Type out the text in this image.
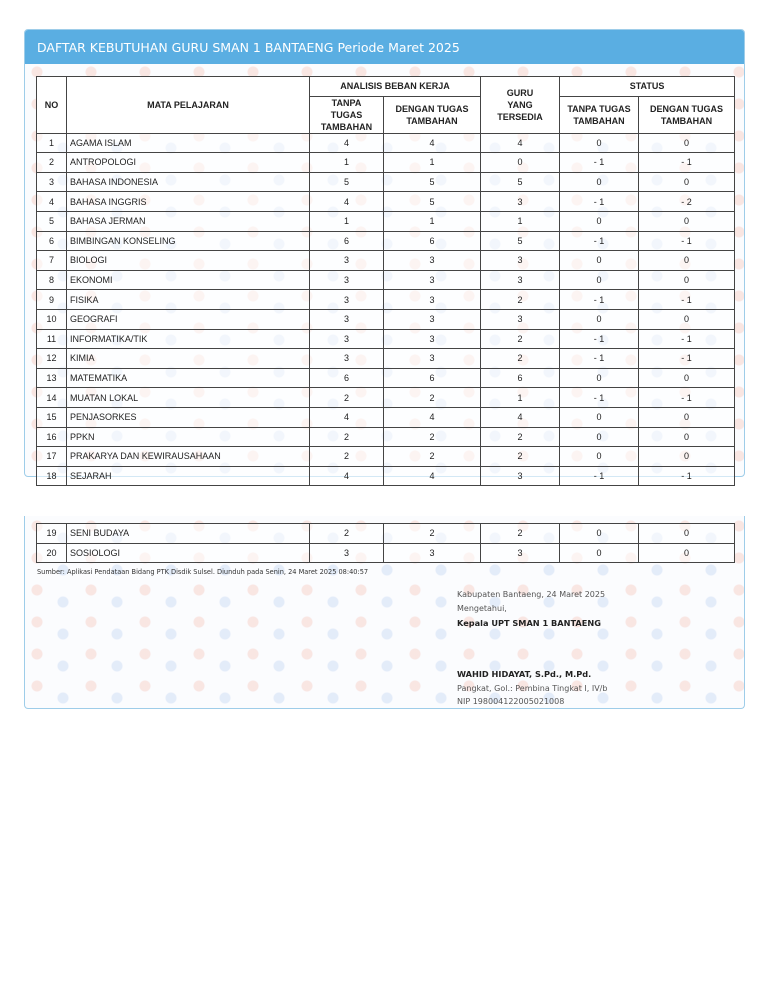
DAFTAR KEBUTUHAN GURU SMAN 1 BANTAENG Periode Maret 2025
NO	MATA PELAJARAN	ANALISIS BEBAN KERJA		GURU YANG TERSEDIA	STATUS	
		TANPA TUGAS TAMBAHAN	DENGAN TUGAS TAMBAHAN		TANPA TUGAS TAMBAHAN	DENGAN TUGAS TAMBAHAN
1	AGAMA ISLAM	4	4	4	0	0
2	ANTROPOLOGI	1	1	0	- 1	- 1
3	BAHASA INDONESIA	5	5	5	0	0
4	BAHASA INGGRIS	4	5	3	- 1	- 2
5	BAHASA JERMAN	1	1	1	0	0
6	BIMBINGAN KONSELING	6	6	5	- 1	- 1
7	BIOLOGI	3	3	3	0	0
8	EKONOMI	3	3	3	0	0
9	FISIKA	3	3	2	- 1	- 1
10	GEOGRAFI	3	3	3	0	0
11	INFORMATIKA/TIK	3	3	2	- 1	- 1
12	KIMIA	3	3	2	- 1	- 1
13	MATEMATIKA	6	6	6	0	0
14	MUATAN LOKAL	2	2	1	- 1	- 1
15	PENJASORKES	4	4	4	0	0
16	PPKN	2	2	2	0	0
17	PRAKARYA DAN KEWIRAUSAHAAN	2	2	2	0	0
18	SEJARAH	4	4	3	- 1	- 1
19	SENI BUDAYA	2	2	2	0	0
20	SOSIOLOGI	3	3	3	0	0
Sumber: Aplikasi Pendataan Bidang PTK Disdik Sulsel. Diunduh pada Senin, 24 Maret 2025 08:40:57
Kabupaten Bantaeng, 24 Maret 2025
Mengetahui,
Kepala UPT SMAN 1 BANTAENG
WAHID HIDAYAT, S.Pd., M.Pd.
Pangkat, Gol.: Pembina Tingkat I, IV/b
NIP 198004122005021008
